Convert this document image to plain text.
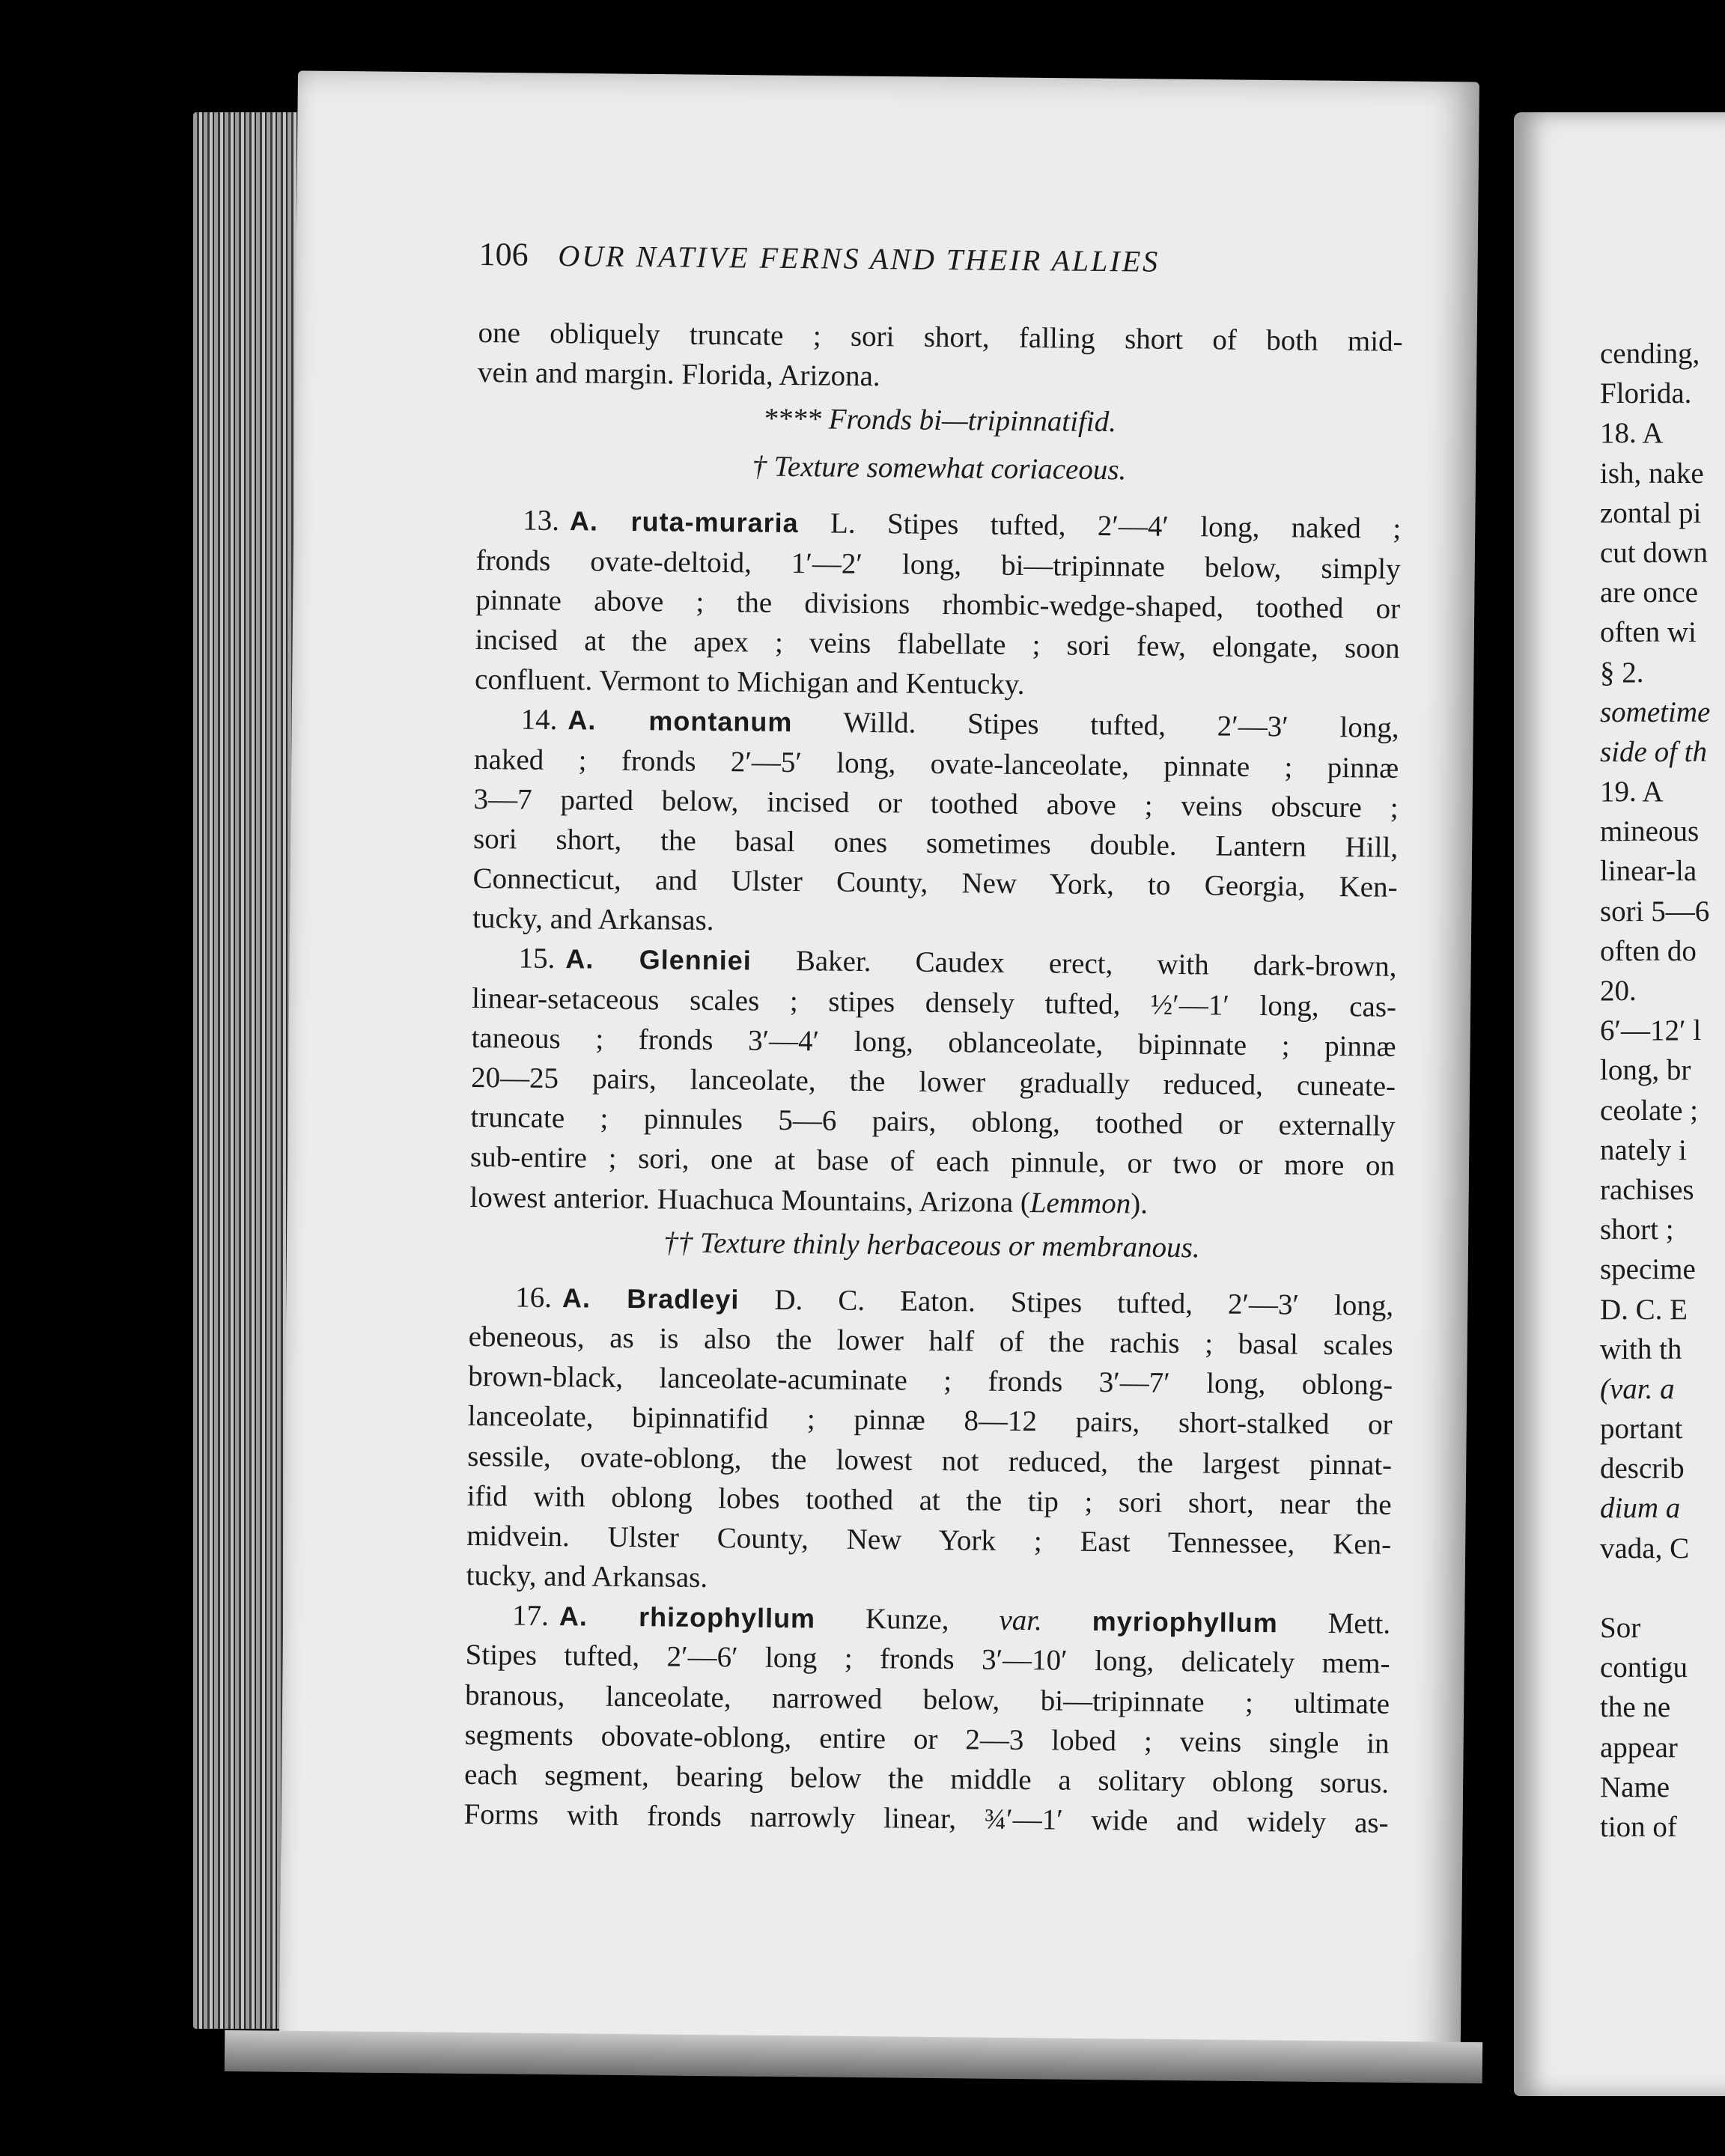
106 OUR NATIVE FERNS AND THEIR ALLIES
one obliquely truncate ; sori short, falling short of both mid-
vein and margin. Florida, Arizona.
**** Fronds bi—tripinnatifid.
† Texture somewhat coriaceous.
13. A. ruta-muraria L. Stipes tufted, 2′—4′ long, naked ;
fronds ovate-deltoid, 1′—2′ long, bi—tripinnate below, simply
pinnate above ; the divisions rhombic-wedge-shaped, toothed or
incised at the apex ; veins flabellate ; sori few, elongate, soon
confluent. Vermont to Michigan and Kentucky.
14. A. montanum Willd. Stipes tufted, 2′—3′ long,
naked ; fronds 2′—5′ long, ovate-lanceolate, pinnate ; pinnæ
3—7 parted below, incised or toothed above ; veins obscure ;
sori short, the basal ones sometimes double. Lantern Hill,
Connecticut, and Ulster County, New York, to Georgia, Ken-
tucky, and Arkansas.
15. A. Glenniei Baker. Caudex erect, with dark-brown,
linear-setaceous scales ; stipes densely tufted, ½′—1′ long, cas-
taneous ; fronds 3′—4′ long, oblanceolate, bipinnate ; pinnæ
20—25 pairs, lanceolate, the lower gradually reduced, cuneate-
truncate ; pinnules 5—6 pairs, oblong, toothed or externally
sub-entire ; sori, one at base of each pinnule, or two or more on
lowest anterior. Huachuca Mountains, Arizona (Lemmon).
†† Texture thinly herbaceous or membranous.
16. A. Bradleyi D. C. Eaton. Stipes tufted, 2′—3′ long,
ebeneous, as is also the lower half of the rachis ; basal scales
brown-black, lanceolate-acuminate ; fronds 3′—7′ long, oblong-
lanceolate, bipinnatifid ; pinnæ 8—12 pairs, short-stalked or
sessile, ovate-oblong, the lowest not reduced, the largest pinnat-
ifid with oblong lobes toothed at the tip ; sori short, near the
midvein. Ulster County, New York ; East Tennessee, Ken-
tucky, and Arkansas.
17. A. rhizophyllum Kunze, var. myriophyllum Mett.
Stipes tufted, 2′—6′ long ; fronds 3′—10′ long, delicately mem-
branous, lanceolate, narrowed below, bi—tripinnate ; ultimate
segments obovate-oblong, entire or 2—3 lobed ; veins single in
each segment, bearing below the middle a solitary oblong sorus.
Forms with fronds narrowly linear, ¾′—1′ wide and widely as-
cending,
Florida.
18. A
ish, nake
zontal pi
cut down
are once
often wi
§ 2.
sometime
side of th
19. A
mineous
linear-la
sori 5—6
often do
20.
6′—12′ l
long, br
ceolate ;
nately i
rachises
short ;
specime
D. C. E
with th
(var. a
portant
describ
dium a
vada, C
Sor
contigu
the ne
appear
Name
tion of
